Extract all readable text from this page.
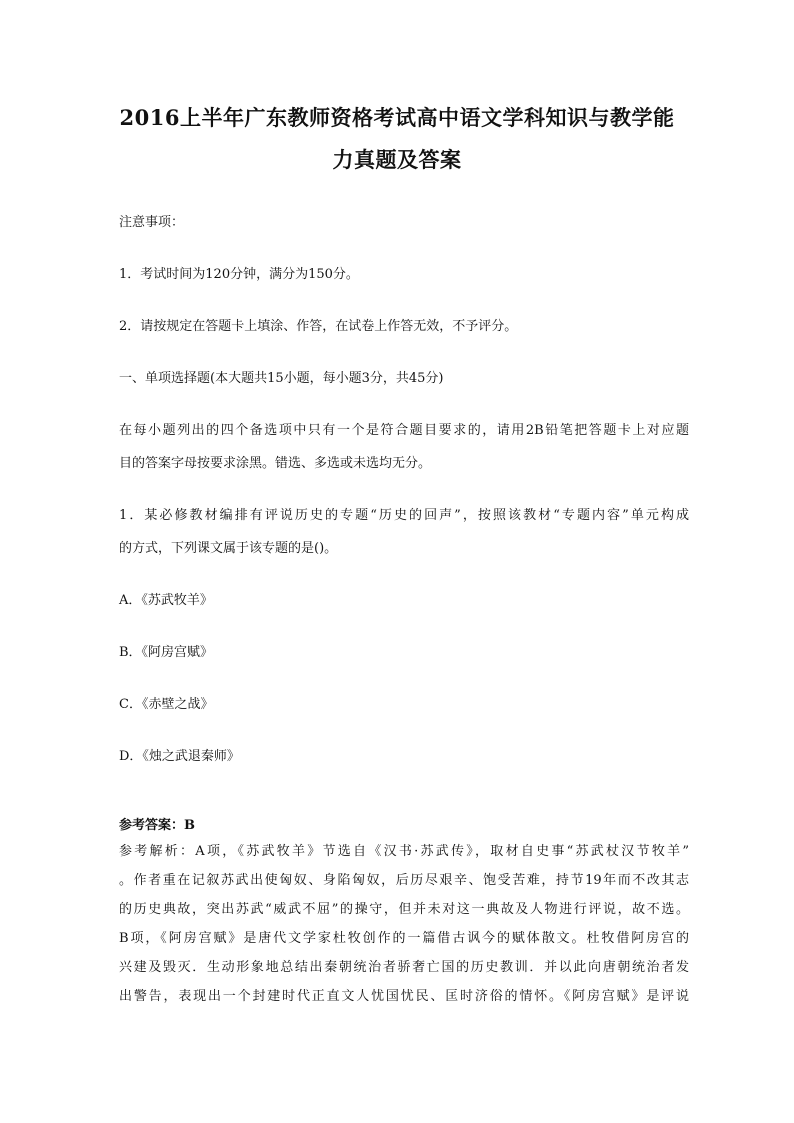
2016上半年广东教师资格考试高中语文学科知识与教学能
力真题及答案
注意事项：
1．考试时间为120分钟，满分为150分。
2．请按规定在答题卡上填涂、作答，在试卷上作答无效，不予评分。
一、单项选择题(本大题共15小题，每小题3分，共45分)
在每小题列出的四个备选项中只有一个是符合题目要求的，请用2B铅笔把答题卡上对应题
目的答案字母按要求涂黑。错选、多选或未选均无分。
1．某必修教材编排有评说历史的专题“历史的回声”，按照该教材“专题内容”单元构成
的方式，下列课文属于该专题的是()。
A．《苏武牧羊》
B．《阿房宫赋》
C．《赤壁之战》
D．《烛之武退秦师》
参考答案：B
参考解析：A项，《苏武牧羊》节选自《汉书·苏武传》，取材自史事“苏武杖汉节牧羊”
。作者重在记叙苏武出使匈奴、身陷匈奴，后历尽艰辛、饱受苦难，持节19年而不改其志
的历史典故，突出苏武“威武不屈”的操守，但并未对这一典故及人物进行评说，故不选。
B项，《阿房宫赋》是唐代文学家杜牧创作的一篇借古讽今的赋体散文。杜牧借阿房宫的
兴建及毁灭．生动形象地总结出秦朝统治者骄奢亡国的历史教训．并以此向唐朝统治者发
出警告，表现出一个封建时代正直文人忧国忧民、匡时济俗的情怀。《阿房宫赋》是评说
